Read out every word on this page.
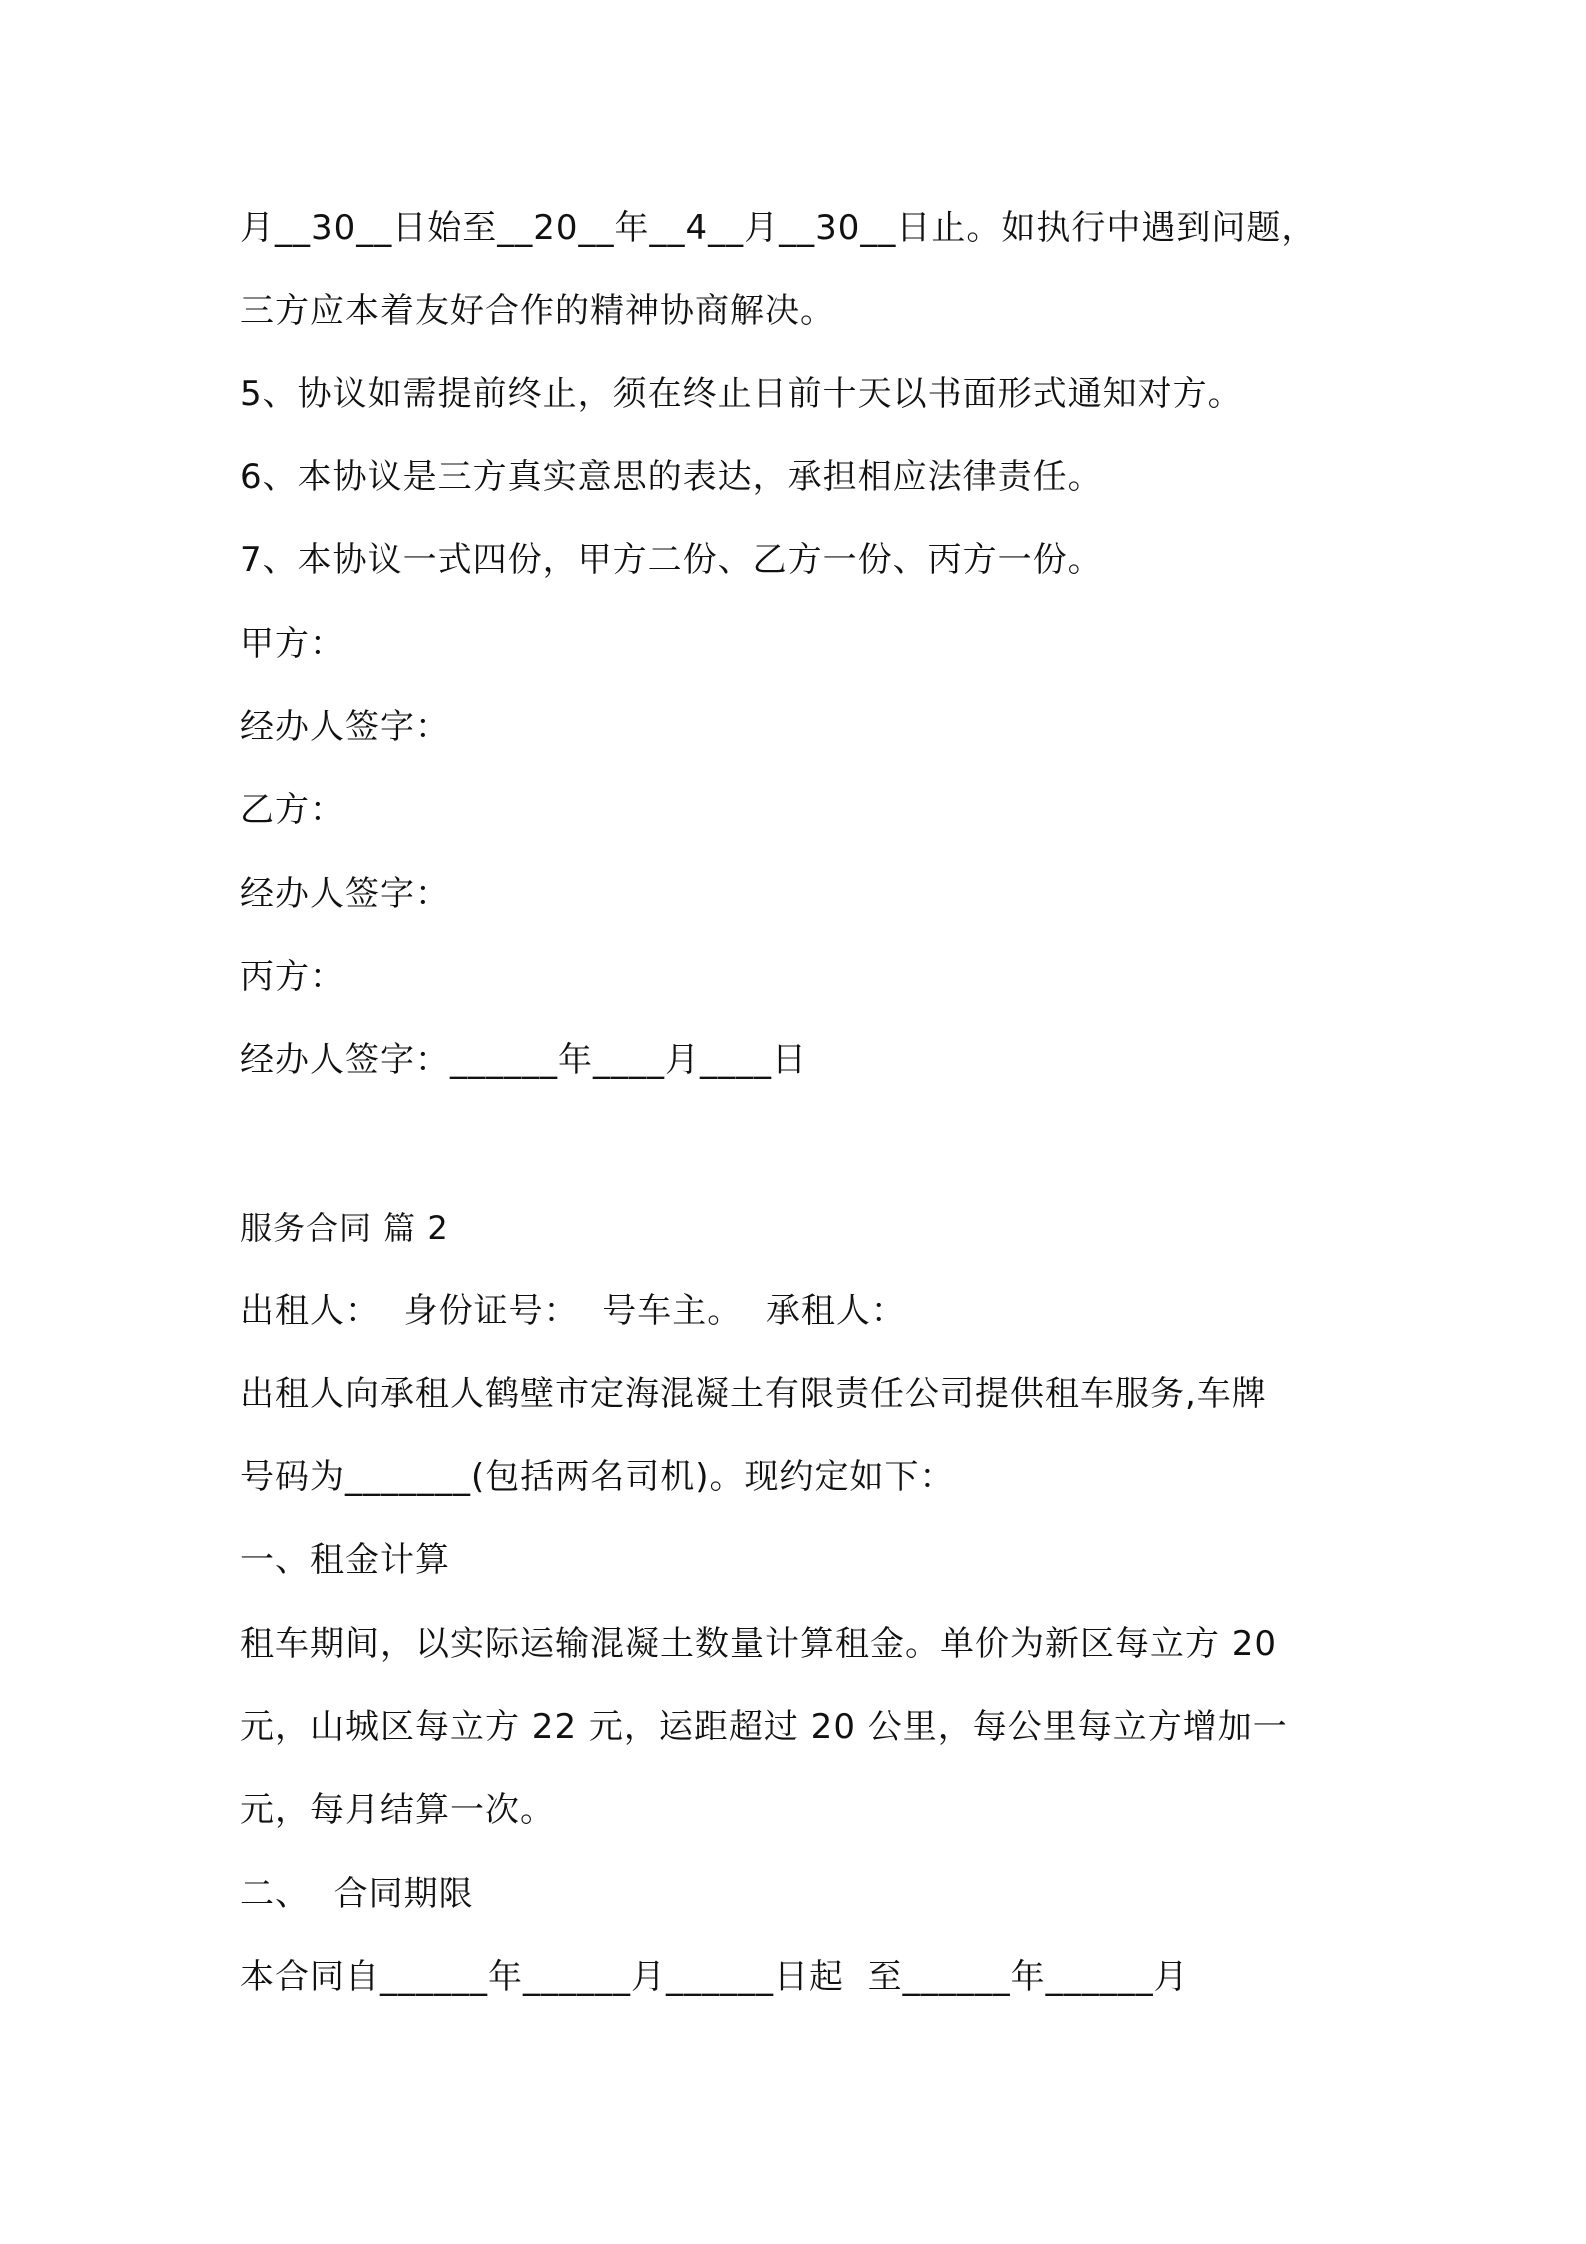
月__30__日始至__20__年__4__月__30__日止。如执行中遇到问题，
三方应本着友好合作的精神协商解决。
5、协议如需提前终止，须在终止日前十天以书面形式通知对方。
6、本协议是三方真实意思的表达，承担相应法律责任。
7、本协议一式四份，甲方二份、乙方一份、丙方一份。
甲方：
经办人签字：
乙方：
经办人签字：
丙方：
经办人签字：______年____月____日
服务合同 篇 2
出租人：  身份证号：  号车主。  承租人：
出租人向承租人鹤壁市定海混凝土有限责任公司提供租车服务,车牌
号码为_______(包括两名司机)。现约定如下：
一、租金计算
租车期间，以实际运输混凝土数量计算租金。单价为新区每立方 20
元，山城区每立方 22 元，运距超过 20 公里，每公里每立方增加一
元，每月结算一次。
二、  合同期限
本合同自______年______月______日起  至______年______月
